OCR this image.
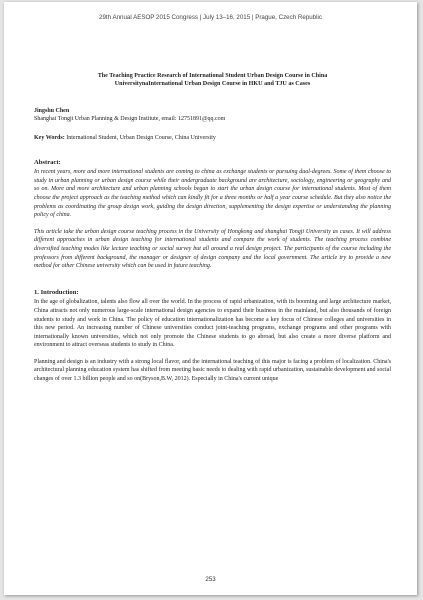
29th Annual AESOP 2015 Congress | July 13–16, 2015 | Prague, Czech Republic
The Teaching Practice Research of International Student Urban Design Course in China
UniversitynaInternational Urban Design Course in HKU and TJU as Cases

Jingshu Chen

Shanghai Tongji Urban Planning & Design Institute, email: 12751891@qq.com

Key Words: International Student, Urban Design Course, China University

Abstract:

In recent years, more and more international students are coming to china as exchange students or pursuing dual-degrees. Some of them choose to study in urban planning or urban design course while their undergraduate background are architecture, sociology, engineering or geography and so on. More and more architecture and urban planning schools began to start the urban design course for international students. Most of them choose the project approach as the teaching method which can kindly fit for a three months or half a year course schedule. But they also notice the problems as coordinating the group design work, guiding the design direction, supplementing the design expertise or understanding the planning policy of china.

This article take the urban design course teaching process in the University of Hongkong and shanghai Tongji University as cases. It will address different approaches in urban design teaching for international students and compare the work of students. The teaching process combine diversified teaching modes like lecture teaching or social survey but all around a real design project. The participants of the course including the professors from different background, the manager or designer of design company and the local government. The article try to provide a new method for other Chinese university which can be used in future teaching.

1. Introduction:

In the age of globalization, talents also flow all over the world. In the process of rapid urbanization, with its booming and large architecture market, China attracts not only numerous large-scale international design agencies to expand their business in the mainland, but also thousands of foreign students to study and work in China. The policy of education internationalization has become a key focus of Chinese colleges and universities in this new period. An increasing number of Chinese universities conduct joint-teaching programs, exchange programs and other programs with internationally known universities, which not only promote the Chinese students to go abroad, but also create a more diverse platform and environment to attract overseas students to study in China.

Planning and design is an industry with a strong local flavor, and the international teaching of this major is facing a problem of localization. China's architectural planning education system has shifted from meeting basic needs to dealing with rapid urbanization, sustainable development and social changes of over 1.3 billion people and so on(Bryson,B.W, 2012). Especially in China's current unique

253
